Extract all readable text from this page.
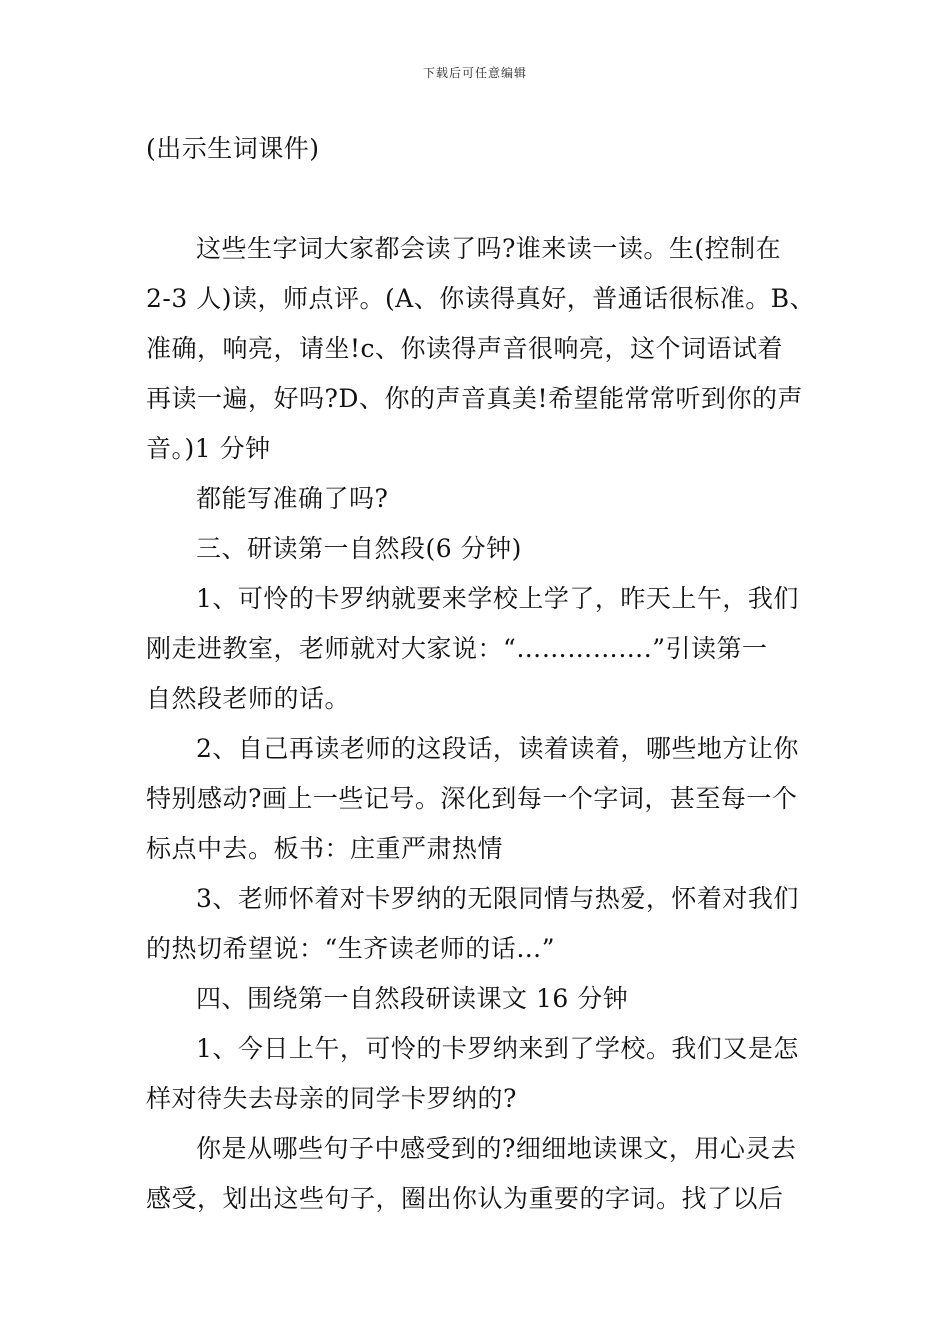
下载后可任意编辑
(出示生词课件)
这些生字词大家都会读了吗?谁来读一读。生(控制在
2-3 人)读，师点评。(A、你读得真好，普通话很标准。B、
准确，响亮，请坐!c、你读得声音很响亮，这个词语试着
再读一遍，好吗?D、你的声音真美!希望能常常听到你的声
音。)1 分钟
都能写准确了吗?
三、研读第一自然段(6 分钟)
1、可怜的卡罗纳就要来学校上学了，昨天上午，我们
刚走进教室，老师就对大家说：“…………….”引读第一
自然段老师的话。
2、自己再读老师的这段话，读着读着，哪些地方让你
特别感动?画上一些记号。深化到每一个字词，甚至每一个
标点中去。板书：庄重严肃热情
3、老师怀着对卡罗纳的无限同情与热爱，怀着对我们
的热切希望说：“生齐读老师的话…”
四、围绕第一自然段研读课文 16 分钟
1、今日上午，可怜的卡罗纳来到了学校。我们又是怎
样对待失去母亲的同学卡罗纳的?
你是从哪些句子中感受到的?细细地读课文，用心灵去
感受，划出这些句子，圈出你认为重要的字词。找了以后
